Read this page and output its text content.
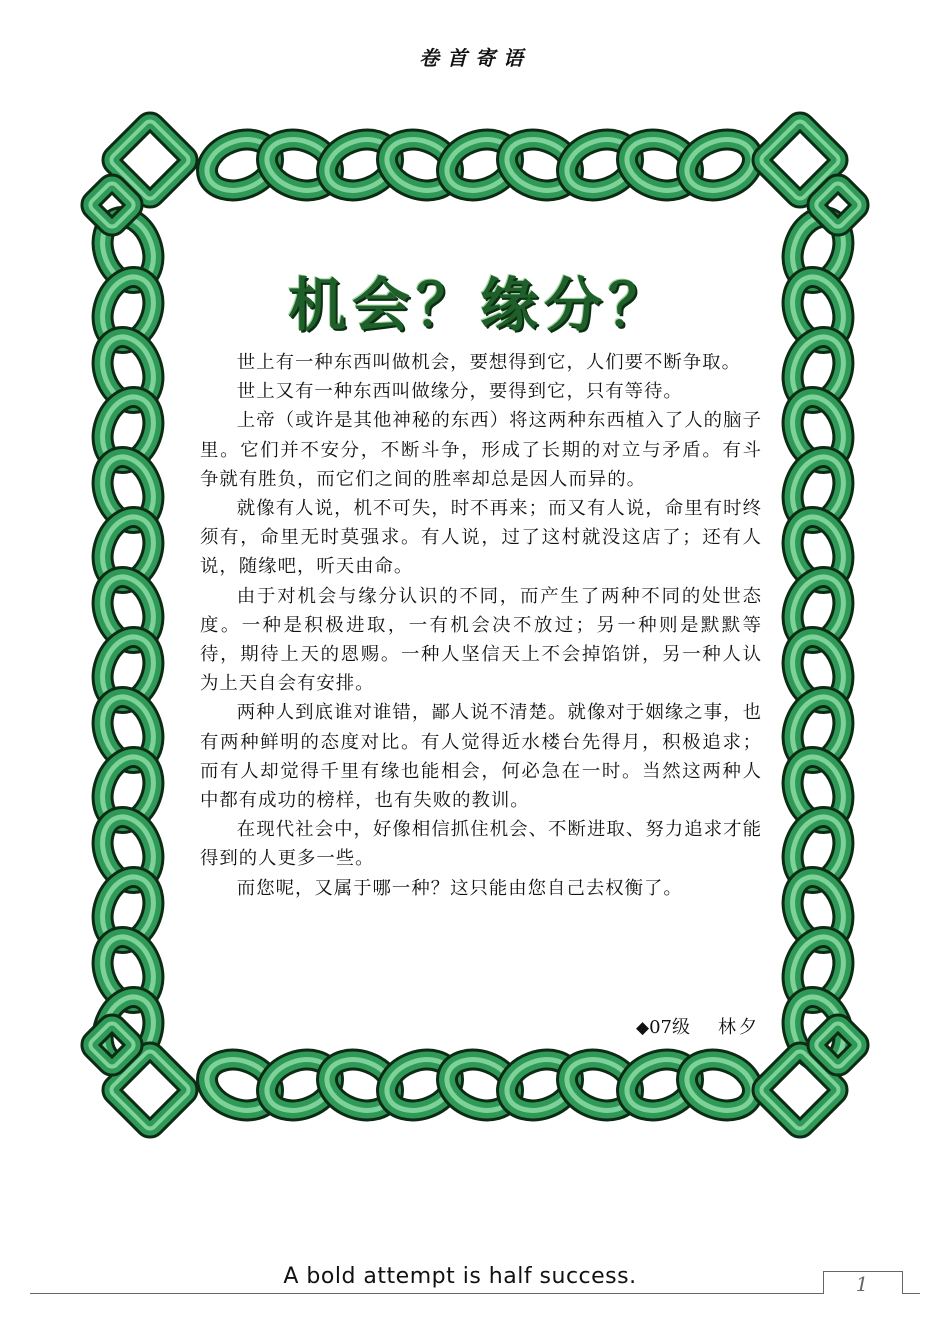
卷首寄语
机会？缘分？

世上有一种东西叫做机会，要想得到它，人们要不断争取。

世上又有一种东西叫做缘分，要得到它，只有等待。

上帝（或许是其他神秘的东西）将这两种东西植入了人的脑子里。它们并不安分，不断斗争，形成了长期的对立与矛盾。有斗争就有胜负，而它们之间的胜率却总是因人而异的。

就像有人说，机不可失，时不再来；而又有人说，命里有时终须有，命里无时莫强求。有人说，过了这村就没这店了；还有人说，随缘吧，听天由命。

由于对机会与缘分认识的不同，而产生了两种不同的处世态度。一种是积极进取，一有机会决不放过；另一种则是默默等待，期待上天的恩赐。一种人坚信天上不会掉馅饼，另一种人认为上天自会有安排。

两种人到底谁对谁错，鄙人说不清楚。就像对于姻缘之事，也有两种鲜明的态度对比。有人觉得近水楼台先得月，积极追求；而有人却觉得千里有缘也能相会，何必急在一时。当然这两种人中都有成功的榜样，也有失败的教训。

在现代社会中，好像相信抓住机会、不断进取、努力追求才能得到的人更多一些。

而您呢，又属于哪一种？这只能由您自己去权衡了。

◆07级 林夕
A bold attempt is half success.	1
